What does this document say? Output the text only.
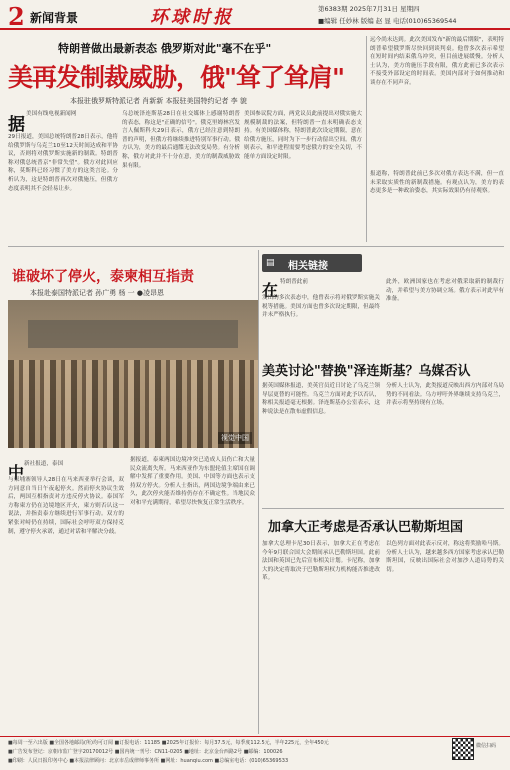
2 新闻背景	环球时报	第6383期 2025年7月31日 星期四
■编辑 任妙林 版编 赵 显 电话(010)65369544
特朗普做出最新表态 俄罗斯对此"毫不在乎"
美再发制裁威胁，俄"耸了耸肩"
本报驻俄罗斯特派记者 肖新新 本报驻美国特约记者 李 貌
据
美国有线电视新闻网
29日报道，美国总统特朗普28日表示，他将给俄罗斯与乌克兰10至12天时间达成和平协议，否则将对俄罗斯实施新的制裁。特朗普称对俄总统普京"非常失望"。俄方对此回应称，莫斯科已经习惯了美方的这类言论。分析认为，这是特朗普再次对俄施压，但俄方态度表明其不会轻易让步。
乌总统泽连斯基28日在社交媒体上感谢特朗普的表态，称这是"正确的信号"。俄克里姆林宫发言人佩斯科夫29日表示，俄方已经注意到特朗普的声明，但俄方将继续推进特别军事行动。俄方认为，美方的最后通牒无法改变局势。有分析称，俄方对此并不十分在意，美方的制裁威胁效果有限。
美国参议院方面，两党议员此前提出对俄实施大规模制裁的法案，但特朗普一直未明确表态支持。有美国媒体称，特朗普此次设定期限，意在给俄方施压，同时为下一步行动留出空间。俄方则表示，和平进程需要考虑俄方的安全关切，不能单方面设定时限。
远今尚未达到。此次美国发布"新的最后期限"，表明特朗普希望俄罗斯尽快回到谈判桌。他曾多次表示希望在短时间内结束俄乌冲突，但目前进展缓慢。分析人士认为，美方的施压手段有限，俄方此前已多次表示不接受外部设定的时间表。美国内部对于如何推动和谈存在不同声音。
报道称，特朗普此前已多次对俄方表达不满，但一直未采取实质性的新制裁措施。有观点认为，美方的表态更多是一种政治姿态，其实际效果仍有待观察。
谁破坏了停火，泰柬相互指责
本报赴泰国特派记者 孙广勇 杨 一 ●凌昂恩
视觉中国
中 新社报道，泰国
与柬埔寨领导人28日在马来西亚举行会谈，双方同意自当日午夜起停火。然而停火协议生效后，两国互相指责对方违反停火协议。泰国军方称柬方仍在边境地区开火，柬方则否认这一说法，并指责泰方继续进行军事行动。双方的紧张对峙仍在持续，国际社会呼吁双方保持克制，遵守停火承诺，通过对话和平解决分歧。
据报道，泰柬两国边境冲突已造成人员伤亡和大量民众流离失所。马来西亚作为东盟轮值主席国在调解中发挥了重要作用。美国、中国等方面也表示支持双方停火。分析人士指出，两国边境争端由来已久，此次停火能否维持仍存在不确定性。当地民众对和平充满期待，希望尽快恢复正常生活秩序。
▤ 相关链接
在 特朗普此前
发出的多次表态中，他曾表示将对俄罗斯实施关税等措施。美国方面也曾多次设定期限，但最终并未严格执行。
此外，欧洲国家也在考虑对俄采取新的制裁行动，并希望与美方协调立场。俄方表示对此早有准备。
美英讨论"替换"泽连斯基？乌媒否认
据英国媒体报道，美英官员近日讨论了乌克兰领导层更替的可能性。乌克兰方面对此予以否认，称相关报道毫无根据。泽连斯基办公室表示，这种说法是在散布虚假信息。
分析人士认为，此类报道反映出西方内部对乌局势的不同看法。乌方呼吁外界继续支持乌克兰，并表示将坚持现有立场。
加拿大正考虑是否承认巴勒斯坦国
加拿大总理卡尼30日表示，加拿大正在考虑在今年9月联合国大会期间承认巴勒斯坦国。此前法国和英国已先后宣布相关计划。卡尼称，加拿大的决定将取决于巴勒斯坦权力机构能否推进改革。
以色列方面对此表示反对，称这将奖励哈马斯。分析人士认为，越来越多西方国家考虑承认巴勒斯坦国，反映出国际社会对加沙人道局势的关切。
■每周一至六出版 ■全国各地邮局(所)均可订阅 ■订报电话：11185 ■2025年订报价：每月37.5元，每季度112.5元，半年225元，全年450元
■广告发布登记：京朝市监广登字20170012号 ■国内统一刊号：CN11-0205 ■地址：北京金台西路2号 ■邮编：100026
■印刷：人民日报印务中心 ■本报法律顾问：北京市岳成律师事务所 ■网址：huanqiu.com ■总编室电话：(010)65369533
微信扫码
